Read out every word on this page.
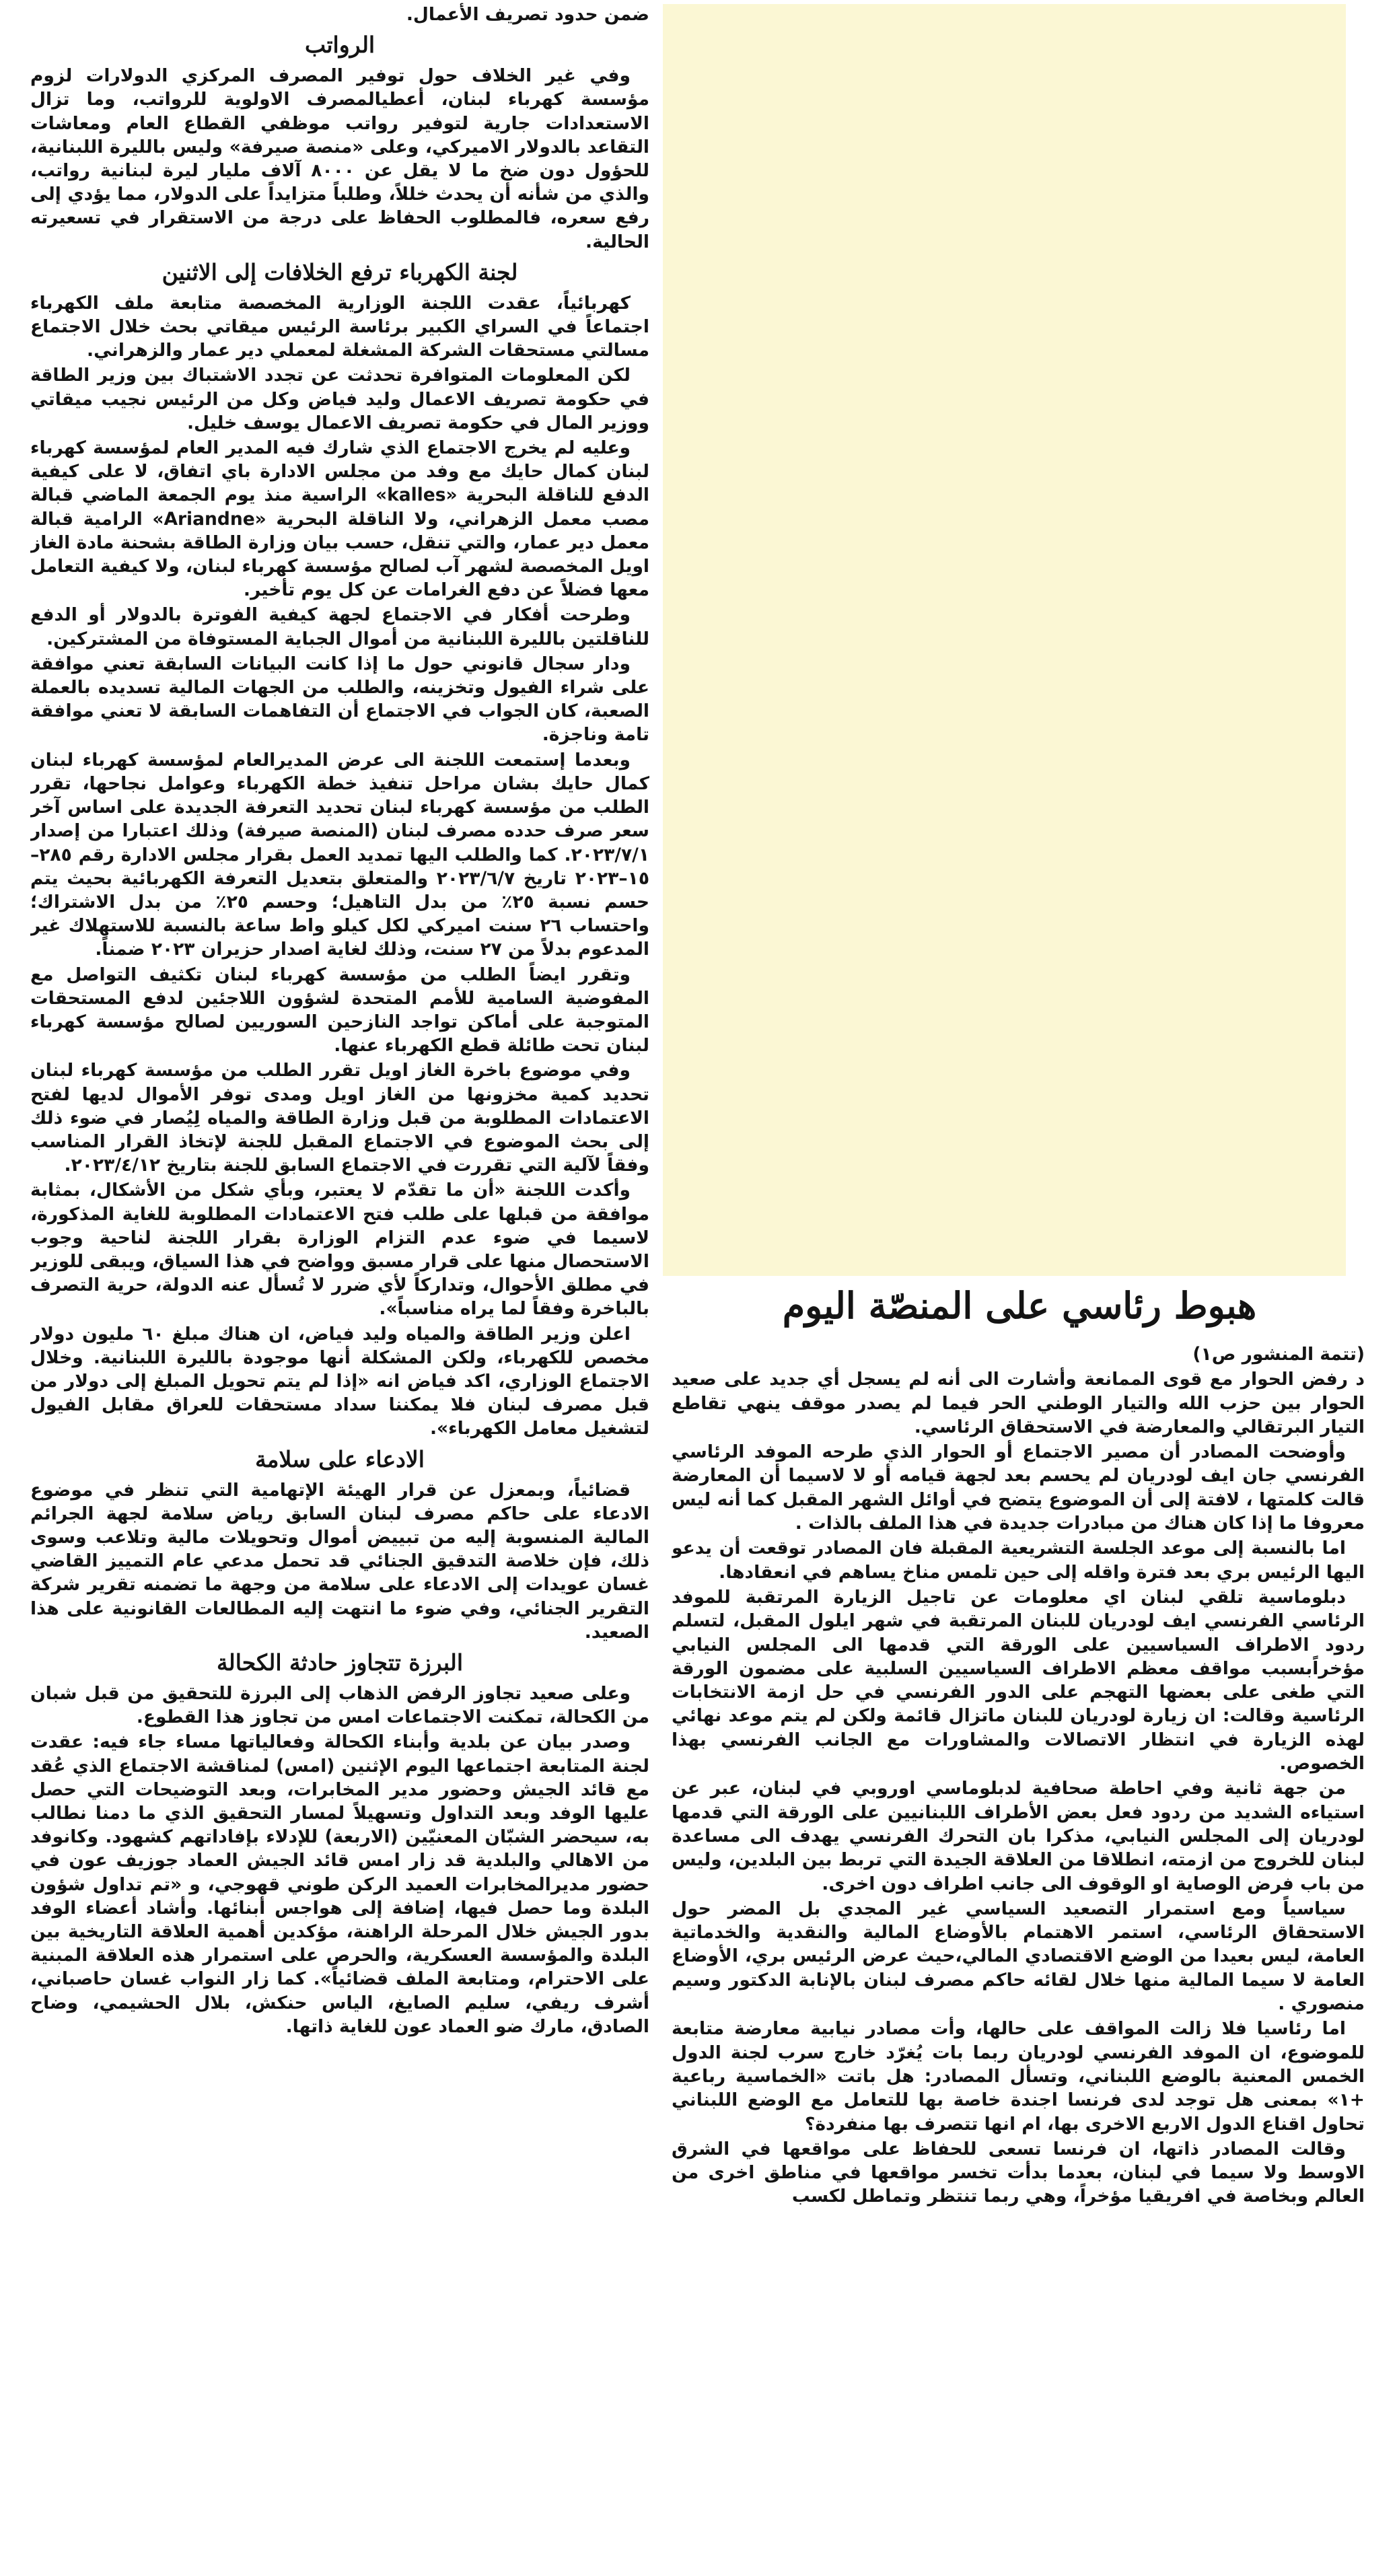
ضمن حدود تصريف الأعمال.

الرواتب

وفي غير الخلاف حول توفير المصرف المركزي الدولارات لزوم مؤسسة كهرباء لبنان، أعطيالمصرف الاولوية للرواتب، وما تزال الاستعدادات جارية لتوفير رواتب موظفي القطاع العام ومعاشات التقاعد بالدولار الاميركي، وعلى «منصة صيرفة» وليس بالليرة اللبنانية، للحؤول دون ضخ ما لا يقل عن ٨٠٠٠ آلاف مليار ليرة لبنانية رواتب، والذي من شأنه أن يحدث خللاً، وطلباً متزايداً على الدولار، مما يؤدي إلى رفع سعره، فالمطلوب الحفاظ على درجة من الاستقرار في تسعيرته الحالية.

لجنة الكهرباء ترفع الخلافات إلى الاثنين

كهربائياً، عقدت اللجنة الوزارية المخصصة متابعة ملف الكهرباء اجتماعاً في السراي الكبير برئاسة الرئيس ميقاتي بحث خلال الاجتماع مسالتي مستحقات الشركة المشغلة لمعملي دير عمار والزهراني.

لكن المعلومات المتوافرة تحدثت عن تجدد الاشتباك بين وزير الطاقة في حكومة تصريف الاعمال وليد فياض وكل من الرئيس نجيب ميقاتي ووزير المال في حكومة تصريف الاعمال يوسف خليل.

وعليه لم يخرج الاجتماع الذي شارك فيه المدير العام لمؤسسة كهرباء لبنان كمال حايك مع وفد من مجلس الادارة باي اتفاق، لا على كيفية الدفع للناقلة البحرية «kalles» الراسية منذ يوم الجمعة الماضي قبالة مصب معمل الزهراني، ولا الناقلة البحرية «Ariandne» الرامية قبالة معمل دير عمار، والتي تنقل، حسب بيان وزارة الطاقة بشحنة مادة الغاز اويل المخصصة لشهر آب لصالح مؤسسة كهرباء لبنان، ولا كيفية التعامل معها فضلاً عن دفع الغرامات عن كل يوم تأخير.

وطرحت أفكار في الاجتماع لجهة كيفية الفوترة بالدولار أو الدفع للناقلتين بالليرة اللبنانية من أموال الجباية المستوفاة من المشتركين.

ودار سجال قانوني حول ما إذا كانت البيانات السابقة تعني موافقة على شراء الفيول وتخزينه، والطلب من الجهات المالية تسديده بالعملة الصعبة، كان الجواب في الاجتماع أن التفاهمات السابقة لا تعني موافقة تامة وناجزة.

وبعدما إستمعت اللجنة الى عرض المديرالعام لمؤسسة كهرباء لبنان كمال حايك بشان مراحل تنفيذ خطة الكهرباء وعوامل نجاحها، تقرر الطلب من مؤسسة كهرباء لبنان تحديد التعرفة الجديدة على اساس آخر سعر صرف حدده مصرف لبنان (المنصة صيرفة) وذلك اعتبارا من إصدار ٢٠٢٣/٧/١. كما والطلب اليها تمديد العمل بقرار مجلس الادارة رقم ٢٨٥–١٥–٢٠٢٣ تاريخ ٢٠٢٣/٦/٧ والمتعلق بتعديل التعرفة الكهربائية بحيث يتم حسم نسبة ٢٥٪ من بدل التاهيل؛ وحسم ٢٥٪ من بدل الاشتراك؛ واحتساب ٢٦ سنت اميركي لكل كيلو واط ساعة بالنسبة للاستهلاك غير المدعوم بدلاً من ٢٧ سنت، وذلك لغاية اصدار حزيران ٢٠٢٣ ضمناً.

وتقرر ايضاً الطلب من مؤسسة كهرباء لبنان تكثيف التواصل مع المفوضية السامية للأمم المتحدة لشؤون اللاجئين لدفع المستحقات المتوجبة على أماكن تواجد النازحين السوريين لصالح مؤسسة كهرباء لبنان تحت طائلة قطع الكهرباء عنها.

وفي موضوع باخرة الغاز اويل تقرر الطلب من مؤسسة كهرباء لبنان تحديد كمية مخزونها من الغاز اويل ومدى توفر الأموال لديها لفتح الاعتمادات المطلوبة من قبل وزارة الطاقة والمياه لِيُصار في ضوء ذلك إلى بحث الموضوع في الاجتماع المقبل للجنة لإتخاذ القرار المناسب وفقاً لآلية التي تقررت في الاجتماع السابق للجنة بتاريخ ٢٠٢٣/٤/١٢.

وأكدت اللجنة «أن ما تقدّم لا يعتبر، وبأي شكل من الأشكال، بمثابة موافقة من قبلها على طلب فتح الاعتمادات المطلوبة للغاية المذكورة، لاسيما في ضوء عدم التزام الوزارة بقرار اللجنة لناحية وجوب الاستحصال منها على قرار مسبق وواضح في هذا السياق، ويبقى للوزير في مطلق الأحوال، وتداركاً لأي ضرر لا تُسأل عنه الدولة، حرية التصرف بالباخرة وفقاً لما يراه مناسباً».

اعلن وزير الطاقة والمياه وليد فياض، ان هناك مبلغ ٦٠ مليون دولار مخصص للكهرباء، ولكن المشكلة أنها موجودة بالليرة اللبنانية. وخلال الاجتماع الوزاري، اكد فياض انه «إذا لم يتم تحويل المبلغ إلى دولار من قبل مصرف لبنان فلا يمكننا سداد مستحقات للعراق مقابل الفيول لتشغيل معامل الكهرباء».

الادعاء على سلامة

قضائياً، وبمعزل عن قرار الهيئة الإتهامية التي تنظر في موضوع الادعاء على حاكم مصرف لبنان السابق رياض سلامة لجهة الجرائم المالية المنسوبة إليه من تبييض أموال وتحويلات مالية وتلاعب وسوى ذلك، فإن خلاصة التدقيق الجنائي قد تحمل مدعي عام التمييز القاضي غسان عويدات إلى الادعاء على سلامة من وجهة ما تضمنه تقرير شركة التقرير الجنائي، وفي ضوء ما انتهت إليه المطالعات القانونية على هذا الصعيد.

البرزة تتجاوز حادثة الكحالة

وعلى صعيد تجاوز الرفض الذهاب إلى البرزة للتحقيق من قبل شبان من الكحالة، تمكنت الاجتماعات امس من تجاوز هذا القطوع.

وصدر بيان عن بلدية وأبناء الكحالة وفعالياتها مساء جاء فيه: عقدت لجنة المتابعة اجتماعها اليوم الإثنين (امس) لمناقشة الاجتماع الذي عُقد مع قائد الجيش وحضور مدير المخابرات، وبعد التوضيحات التي حصل عليها الوفد وبعد التداول وتسهيلاً لمسار التحقيق الذي ما دمنا نطالب به، سيحضر الشبّان المعنيّين (الاربعة) للإدلاء بإفاداتهم كشهود. وكانوفد من الاهالي والبلدية قد زار امس قائد الجيش العماد جوزيف عون في حضور مديرالمخابرات العميد الركن طوني قهوجي، و «تم تداول شؤون البلدة وما حصل فيها، إضافة إلى هواجس أبنائها. وأشاد أعضاء الوفد بدور الجيش خلال المرحلة الراهنة، مؤكدين أهمية العلاقة التاريخية بين البلدة والمؤسسة العسكرية، والحرص على استمرار هذه العلاقة المبنية على الاحترام، ومتابعة الملف قضائياً». كما زار النواب غسان حاصباني، أشرف ريفي، سليم الصايغ، الياس حنكش، بلال الحشيمي، وضاح الصادق، مارك ضو العماد عون للغاية ذاتها.

هبوط رئاسي على المنصّة اليوم

(تتمة المنشور ص١)

د رفض الحوار مع قوى الممانعة وأشارت الى أنه لم يسجل أي جديد على صعيد الحوار بين حزب الله والتيار الوطني الحر فيما لم يصدر موقف ينهي تقاطع التيار البرتقالي والمعارضة في الاستحقاق الرئاسي.

وأوضحت المصادر أن مصير الاجتماع أو الحوار الذي طرحه الموفد الرئاسي الفرنسي جان ايف لودريان لم يحسم بعد لجهة قيامه أو لا لاسيما أن المعارضة قالت كلمتها ، لافتة إلى أن الموضوع يتضح في أوائل الشهر المقبل كما أنه ليس معروفا ما إذا كان هناك من مبادرات جديدة في هذا الملف بالذات .

اما بالنسبة إلى موعد الجلسة التشريعية المقبلة فان المصادر توقعت أن يدعو اليها الرئيس بري بعد فترة واقله إلى حين تلمس مناخ يساهم في انعقادها.

دبلوماسية تلقي لبنان اي معلومات عن تاجيل الزيارة المرتقبة للموفد الرئاسي الفرنسي ايف لودريان للبنان المرتقبة في شهر ايلول المقبل، لتسلم ردود الاطراف السياسيين على الورقة التي قدمها الى المجلس النيابي مؤخراًبسبب مواقف معظم الاطراف السياسيين السلبية على مضمون الورقة التي طغى على بعضها التهجم على الدور الفرنسي في حل ازمة الانتخابات الرئاسية وقالت: ان زيارة لودريان للبنان ماتزال قائمة ولكن لم يتم موعد نهائي لهذه الزيارة في انتظار الاتصالات والمشاورات مع الجانب الفرنسي بهذا الخصوص.

من جهة ثانية وفي احاطة صحافية لدبلوماسي اوروبي في لبنان، عبر عن استياءه الشديد من ردود فعل بعض الأطراف اللبنانيين على الورقة التي قدمها لودريان إلى المجلس النيابي، مذكرا بان التحرك الفرنسي يهدف الى مساعدة لبنان للخروج من ازمته، انطلاقا من العلاقة الجيدة التي تربط بين البلدين، وليس من باب فرض الوصاية او الوقوف الى جانب اطراف دون اخرى.

سياسياً ومع استمرار التصعيد السياسي غير المجدي بل المضر حول الاستحقاق الرئاسي، استمر الاهتمام بالأوضاع المالية والنقدية والخدماتية العامة، ليس بعيدا من الوضع الاقتصادي المالي،حيث عرض الرئيس بري، الأوضاع العامة لا سيما المالية منها خلال لقائه حاكم مصرف لبنان بالإنابة الدكتور وسيم منصوري .

اما رئاسيا فلا زالت المواقف على حالها، وأت مصادر نيابية معارضة متابعة للموضوع، ان الموفد الفرنسي لودريان ربما بات يُغرّد خارج سرب لجنة الدول الخمس المعنية بالوضع اللبناني، وتسأل المصادر: هل باتت «الخماسية رباعية +١» بمعنى هل توجد لدى فرنسا اجندة خاصة بها للتعامل مع الوضع اللبناني تحاول اقناع الدول الاربع الاخرى بها، ام انها تتصرف بها منفردة؟

وقالت المصادر ذاتها، ان فرنسا تسعى للحفاظ على مواقعها في الشرق الاوسط ولا سيما في لبنان، بعدما بدأت تخسر مواقعها في مناطق اخرى من العالم وبخاصة في افريقيا مؤخراً، وهي ربما تنتظر وتماطل لكسب
